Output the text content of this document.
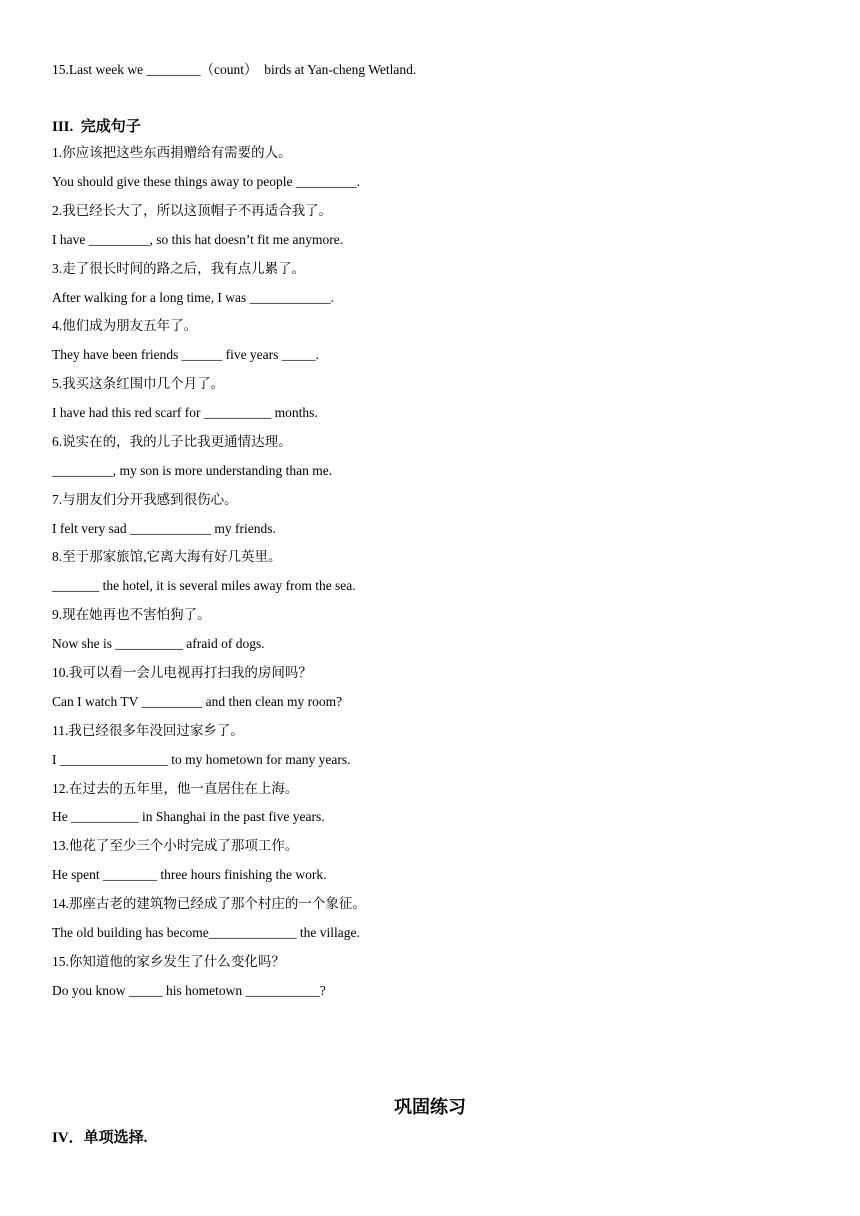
15.Last week we ________（count）  birds at Yan-cheng Wetland.
III.  完成句子
1.你应该把这些东西捐赠给有需要的人。
You should give these things away to people _________.
2.我已经长大了，所以这顶帽子不再适合我了。
I have _________, so this hat doesn’t fit me anymore.
3.走了很长时间的路之后，我有点儿累了。
After walking for a long time, I was ____________.
4.他们成为朋友五年了。
They have been friends ______ five years _____.
5.我买这条红围巾几个月了。
I have had this red scarf for __________ months.
6.说实在的，我的儿子比我更通情达理。
_________, my son is more understanding than me.
7.与朋友们分开我感到很伤心。
I felt very sad ____________ my friends.
8.至于那家旅馆,它离大海有好几英里。
_______ the hotel, it is several miles away from the sea.
9.现在她再也不害怕狗了。
Now she is __________ afraid of dogs.
10.我可以看一会儿电视再打扫我的房间吗？
Can I watch TV _________ and then clean my room?
11.我已经很多年没回过家乡了。
I ________________ to my hometown for many years.
12.在过去的五年里，他一直居住在上海。
He __________ in Shanghai in the past five years.
13.他花了至少三个小时完成了那项工作。
He spent ________ three hours finishing the work.
14.那座古老的建筑物已经成了那个村庄的一个象征。
The old building has become_____________ the village.
15.你知道他的家乡发生了什么变化吗？
Do you know _____ his hometown ___________?
巩固练习
IV．单项选择.
